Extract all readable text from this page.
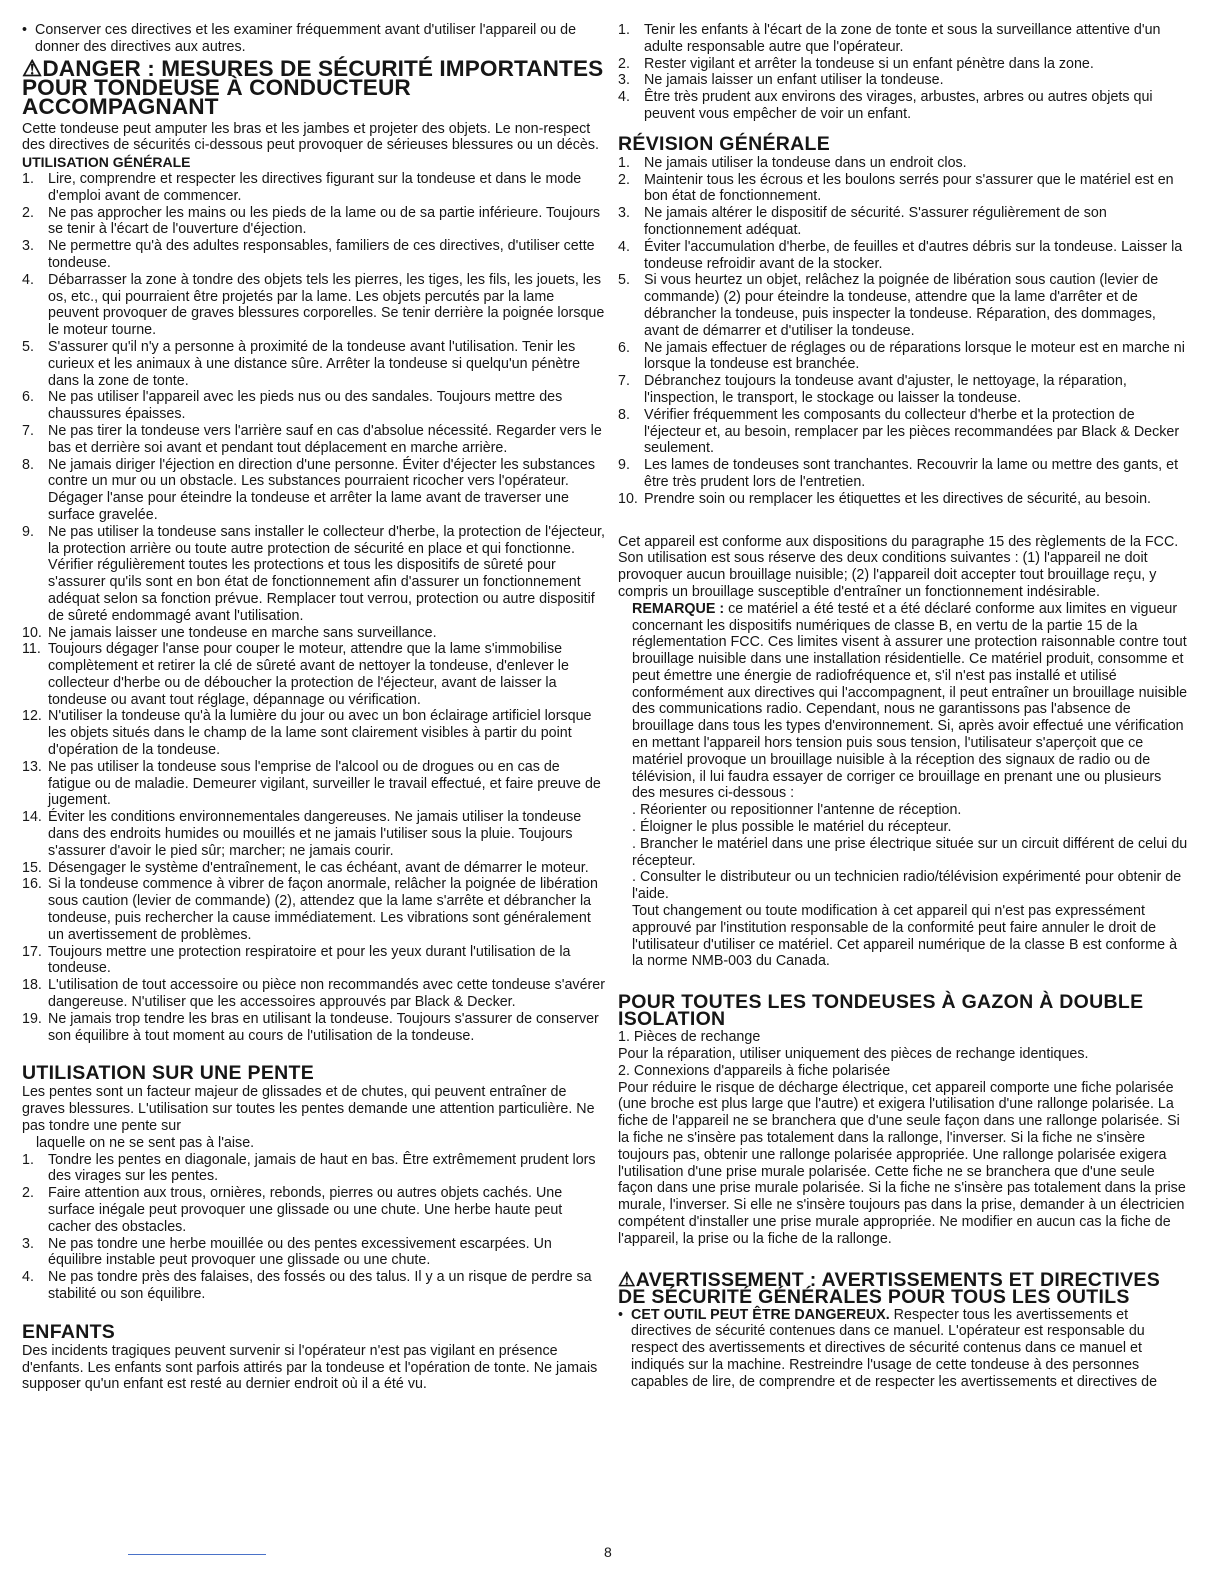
• Conserver ces directives et les examiner fréquemment avant d'utiliser l'appareil ou de donner des directives aux autres.

⚠DANGER : MESURES DE SÉCURITÉ IMPORTANTES
POUR TONDEUSE À CONDUCTEUR ACCOMPAGNANT

Cette tondeuse peut amputer les bras et les jambes et projeter des objets. Le non-respect des directives de sécurités ci-dessous peut provoquer de sérieuses blessures ou un décès.

UTILISATION GÉNÉRALE
1. Lire, comprendre et respecter les directives figurant sur la tondeuse et dans le mode d'emploi avant de commencer.
2. Ne pas approcher les mains ou les pieds de la lame ou de sa partie inférieure. Toujours se tenir à l'écart de l'ouverture d'éjection.
3. Ne permettre qu'à des adultes responsables, familiers de ces directives, d'utiliser cette tondeuse.
4. Débarrasser la zone à tondre des objets tels les pierres, les tiges, les fils, les jouets, les os, etc., qui pourraient être projetés par la lame. Les objets percutés par la lame peuvent provoquer de graves blessures corporelles. Se tenir derrière la poignée lorsque le moteur tourne.
5. S'assurer qu'il n'y a personne à proximité de la tondeuse avant l'utilisation. Tenir les curieux et les animaux à une distance sûre. Arrêter la tondeuse si quelqu'un pénètre dans la zone de tonte.
6. Ne pas utiliser l'appareil avec les pieds nus ou des sandales. Toujours mettre des chaussures épaisses.
7. Ne pas tirer la tondeuse vers l'arrière sauf en cas d'absolue nécessité. Regarder vers le bas et derrière soi avant et pendant tout déplacement en marche arrière.
8. Ne jamais diriger l'éjection en direction d'une personne. Éviter d'éjecter les substances contre un mur ou un obstacle. Les substances pourraient ricocher vers l'opérateur. Dégager l'anse pour éteindre la tondeuse et arrêter la lame avant de traverser une surface gravelée.
9. Ne pas utiliser la tondeuse sans installer le collecteur d'herbe, la protection de l'éjecteur, la protection arrière ou toute autre protection de sécurité en place et qui fonctionne. Vérifier régulièrement toutes les protections et tous les dispositifs de sûreté pour s'assurer qu'ils sont en bon état de fonctionnement afin d'assurer un fonctionnement adéquat selon sa fonction prévue. Remplacer tout verrou, protection ou autre dispositif de sûreté endommagé avant l'utilisation.
10. Ne jamais laisser une tondeuse en marche sans surveillance.
11. Toujours dégager l'anse pour couper le moteur, attendre que la lame s'immobilise complètement et retirer la clé de sûreté avant de nettoyer la tondeuse, d'enlever le collecteur d'herbe ou de déboucher la protection de l'éjecteur, avant de laisser la tondeuse ou avant tout réglage, dépannage ou vérification.
12. N'utiliser la tondeuse qu'à la lumière du jour ou avec un bon éclairage artificiel lorsque les objets situés dans le champ de la lame sont clairement visibles à partir du point d'opération de la tondeuse.
13. Ne pas utiliser la tondeuse sous l'emprise de l'alcool ou de drogues ou en cas de fatigue ou de maladie. Demeurer vigilant, surveiller le travail effectué, et faire preuve de jugement.
14. Éviter les conditions environnementales dangereuses. Ne jamais utiliser la tondeuse dans des endroits humides ou mouillés et ne jamais l'utiliser sous la pluie. Toujours s'assurer d'avoir le pied sûr; marcher; ne jamais courir.
15. Désengager le système d'entraînement, le cas échéant, avant de démarrer le moteur.
16. Si la tondeuse commence à vibrer de façon anormale, relâcher la poignée de libération sous caution (levier de commande) (2), attendez que la lame s'arrête et débrancher la tondeuse, puis rechercher la cause immédiatement. Les vibrations sont généralement un avertissement de problèmes.
17. Toujours mettre une protection respiratoire et pour les yeux durant l'utilisation de la tondeuse.
18. L'utilisation de tout accessoire ou pièce non recommandés avec cette tondeuse s'avérer dangereuse. N'utiliser que les accessoires approuvés par Black & Decker.
19. Ne jamais trop tendre les bras en utilisant la tondeuse. Toujours s'assurer de conserver son équilibre à tout moment au cours de l'utilisation de la tondeuse.
UTILISATION SUR UNE PENTE

Les pentes sont un facteur majeur de glissades et de chutes, qui peuvent entraîner de graves blessures. L'utilisation sur toutes les pentes demande une attention particulière. Ne pas tondre une pente sur

laquelle on ne se sent pas à l'aise.

1. Tondre les pentes en diagonale, jamais de haut en bas. Être extrêmement prudent lors des virages sur les pentes.
2. Faire attention aux trous, ornières, rebonds, pierres ou autres objets cachés. Une surface inégale peut provoquer une glissade ou une chute. Une herbe haute peut cacher des obstacles.
3. Ne pas tondre une herbe mouillée ou des pentes excessivement escarpées. Un équilibre instable peut provoquer une glissade ou une chute.
4. Ne pas tondre près des falaises, des fossés ou des talus. Il y a un risque de perdre sa stabilité ou son équilibre.
ENFANTS

Des incidents tragiques peuvent survenir si l'opérateur n'est pas vigilant en présence d'enfants. Les enfants sont parfois attirés par la tondeuse et l'opération de tonte. Ne jamais supposer qu'un enfant est resté au dernier endroit où il a été vu.

1. Tenir les enfants à l'écart de la zone de tonte et sous la surveillance attentive d'un adulte responsable autre que l'opérateur.
2. Rester vigilant et arrêter la tondeuse si un enfant pénètre dans la zone.
3. Ne jamais laisser un enfant utiliser la tondeuse.
4. Être très prudent aux environs des virages, arbustes, arbres ou autres objets qui peuvent vous empêcher de voir un enfant.
RÉVISION GÉNÉRALE
1. Ne jamais utiliser la tondeuse dans un endroit clos.
2. Maintenir tous les écrous et les boulons serrés pour s'assurer que le matériel est en bon état de fonctionnement.
3. Ne jamais altérer le dispositif de sécurité. S'assurer régulièrement de son fonctionnement adéquat.
4. Éviter l'accumulation d'herbe, de feuilles et d'autres débris sur la tondeuse. Laisser la tondeuse refroidir avant de la stocker.
5. Si vous heurtez un objet, relâchez la poignée de libération sous caution (levier de commande) (2) pour éteindre la tondeuse, attendre que la lame d'arrêter et de débrancher la tondeuse, puis inspecter la tondeuse. Réparation, des dommages, avant de démarrer et d'utiliser la tondeuse.
6. Ne jamais effectuer de réglages ou de réparations lorsque le moteur est en marche ni lorsque la tondeuse est branchée.
7. Débranchez toujours la tondeuse avant d'ajuster, le nettoyage, la réparation, l'inspection, le transport, le stockage ou laisser la tondeuse.
8. Vérifier fréquemment les composants du collecteur d'herbe et la protection de l'éjecteur et, au besoin, remplacer par les pièces recommandées par Black & Decker seulement.
9. Les lames de tondeuses sont tranchantes. Recouvrir la lame ou mettre des gants, et être très prudent lors de l'entretien.
10. Prendre soin ou remplacer les étiquettes et les directives de sécurité, au besoin.

Cet appareil est conforme aux dispositions du paragraphe 15 des règlements de la FCC. Son utilisation est sous réserve des deux conditions suivantes : (1) l'appareil ne doit provoquer aucun brouillage nuisible; (2) l'appareil doit accepter tout brouillage reçu, y compris un brouillage susceptible d'entraîner un fonctionnement indésirable.

REMARQUE : ce matériel a été testé et a été déclaré conforme aux limites en vigueur concernant les dispositifs numériques de classe B, en vertu de la partie 15 de la réglementation FCC. Ces limites visent à assurer une protection raisonnable contre tout brouillage nuisible dans une installation résidentielle. Ce matériel produit, consomme et peut émettre une énergie de radiofréquence et, s'il n'est pas installé et utilisé conformément aux directives qui l'accompagnent, il peut entraîner un brouillage nuisible des communications radio. Cependant, nous ne garantissons pas l'absence de brouillage dans tous les types d'environnement. Si, après avoir effectué une vérification en mettant l'appareil hors tension puis sous tension, l'utilisateur s'aperçoit que ce matériel provoque un brouillage nuisible à la réception des signaux de radio ou de télévision, il lui faudra essayer de corriger ce brouillage en prenant une ou plusieurs des mesures ci-dessous :

. Réorienter ou repositionner l'antenne de réception.

. Éloigner le plus possible le matériel du récepteur.

. Brancher le matériel dans une prise électrique située sur un circuit différent de celui du récepteur.

. Consulter le distributeur ou un technicien radio/télévision expérimenté pour obtenir de l'aide.

Tout changement ou toute modification à cet appareil qui n'est pas expressément approuvé par l'institution responsable de la conformité peut faire annuler le droit de l'utilisateur d'utiliser ce matériel. Cet appareil numérique de la classe B est conforme à la norme NMB-003 du Canada.

POUR TOUTES LES TONDEUSES À GAZON À DOUBLE ISOLATION

1. Pièces de rechange

Pour la réparation, utiliser uniquement des pièces de rechange identiques.

2. Connexions d'appareils à fiche polarisée

Pour réduire le risque de décharge électrique, cet appareil comporte une fiche polarisée (une broche est plus large que l'autre) et exigera l'utilisation d'une rallonge polarisée. La fiche de l'appareil ne se branchera que d'une seule façon dans une rallonge polarisée. Si la fiche ne s'insère pas totalement dans la rallonge, l'inverser. Si la fiche ne s'insère toujours pas, obtenir une rallonge polarisée appropriée. Une rallonge polarisée exigera l'utilisation d'une prise murale polarisée. Cette fiche ne se branchera que d'une seule façon dans une prise murale polarisée. Si la fiche ne s'insère pas totalement dans la prise murale, l'inverser. Si elle ne s'insère toujours pas dans la prise, demander à un électricien compétent d'installer une prise murale appropriée. Ne modifier en aucun cas la fiche de l'appareil, la prise ou la fiche de la rallonge.

⚠AVERTISSEMENT : AVERTISSEMENTS ET DIRECTIVES DE SÉCURITÉ GÉNÉRALES POUR TOUS LES OUTILS

• CET OUTIL PEUT ÊTRE DANGEREUX. Respecter tous les avertissements et directives de sécurité contenues dans ce manuel. L'opérateur est responsable du respect des avertissements et directives de sécurité contenus dans ce manuel et indiqués sur la machine. Restreindre l'usage de cette tondeuse à des personnes capables de lire, de comprendre et de respecter les avertissements et directives de

8
